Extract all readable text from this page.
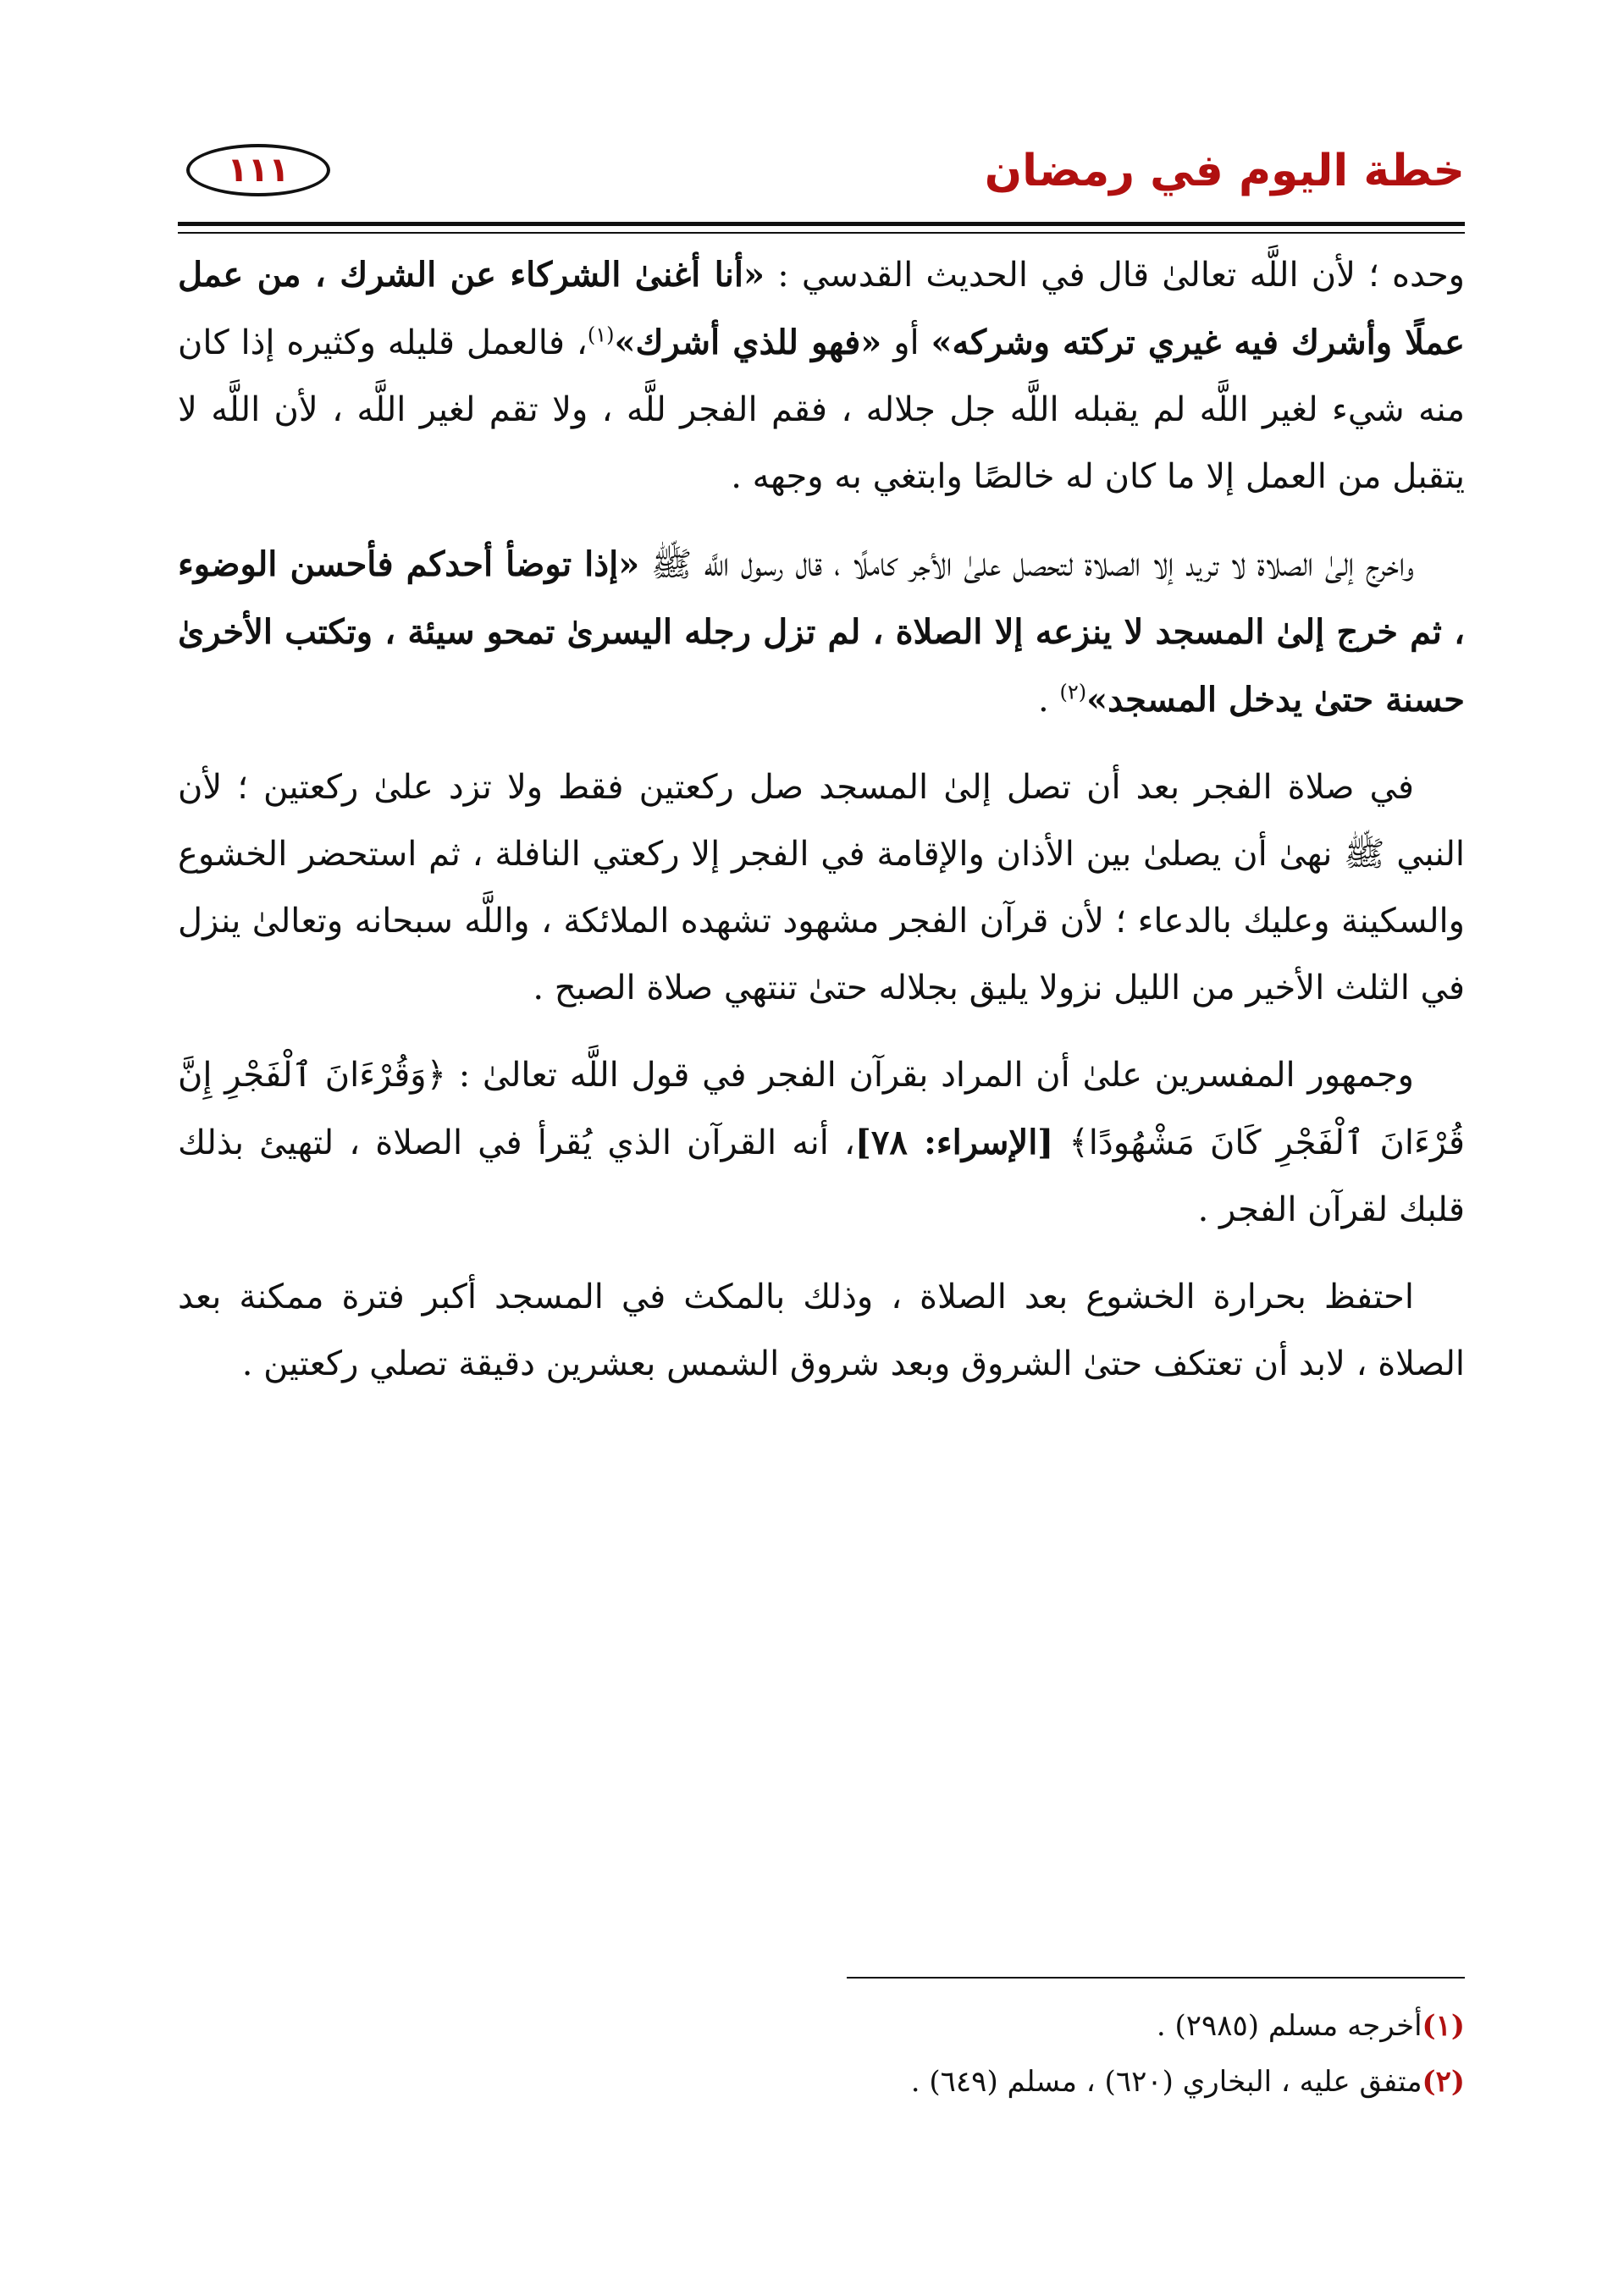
خطة اليوم في رمضان
١١١

وحده ؛ لأن اللَّه تعالىٰ قال في الحديث القدسي : «أنا أغنىٰ الشركاء عن الشرك ، من عمل عملًا وأشرك فيه غيري تركته وشركه» أو «فهو للذي أشرك»$^{(١)}$، فالعمل قليله وكثيره إذا كان منه شيء لغير اللَّه لم يقبله اللَّه جل جلاله ، فقم الفجر للَّه ، ولا تقم لغير اللَّه ، لأن اللَّه لا يتقبل من العمل إلا ما كان له خالصًا وابتغي به وجهه .

واخرج إلىٰ الصلاة لا تريد إلا الصلاة لتحصل علىٰ الأجر كاملًا ، قال رسول اللَّه ﷺ «إذا توضأ أحدكم فأحسن الوضوء ، ثم خرج إلىٰ المسجد لا ينزعه إلا الصلاة ، لم تزل رجله اليسرىٰ تمحو سيئة ، وتكتب الأخرىٰ حسنة حتىٰ يدخل المسجد»$^{(٢)}$ .

في صلاة الفجر بعد أن تصل إلىٰ المسجد صل ركعتين فقط ولا تزد علىٰ ركعتين ؛ لأن النبي ﷺ نهىٰ أن يصلىٰ بين الأذان والإقامة في الفجر إلا ركعتي النافلة ، ثم استحضر الخشوع والسكينة وعليك بالدعاء ؛ لأن قرآن الفجر مشهود تشهده الملائكة ، واللَّه سبحانه وتعالىٰ ينزل في الثلث الأخير من الليل نزولا يليق بجلاله حتىٰ تنتهي صلاة الصبح .

وجمهور المفسرين علىٰ أن المراد بقرآن الفجر في قول اللَّه تعالىٰ : ﴿وَقُرْءَانَ ٱلْفَجْرِ إِنَّ قُرْءَانَ ٱلْفَجْرِ كَانَ مَشْهُودًا﴾ [الإسراء: ٧٨]، أنه القرآن الذي يُقرأ في الصلاة ، لتهيئ بذلك قلبك لقرآن الفجر .

احتفظ بحرارة الخشوع بعد الصلاة ، وذلك بالمكث في المسجد أكبر فترة ممكنة بعد الصلاة ، لابد أن تعتكف حتىٰ الشروق وبعد شروق الشمس بعشرين دقيقة تصلي ركعتين .

(١)أخرجه مسلم (٢٩٨٥) .
(٢)متفق عليه ، البخاري (٦٢٠) ، مسلم (٦٤٩) .
